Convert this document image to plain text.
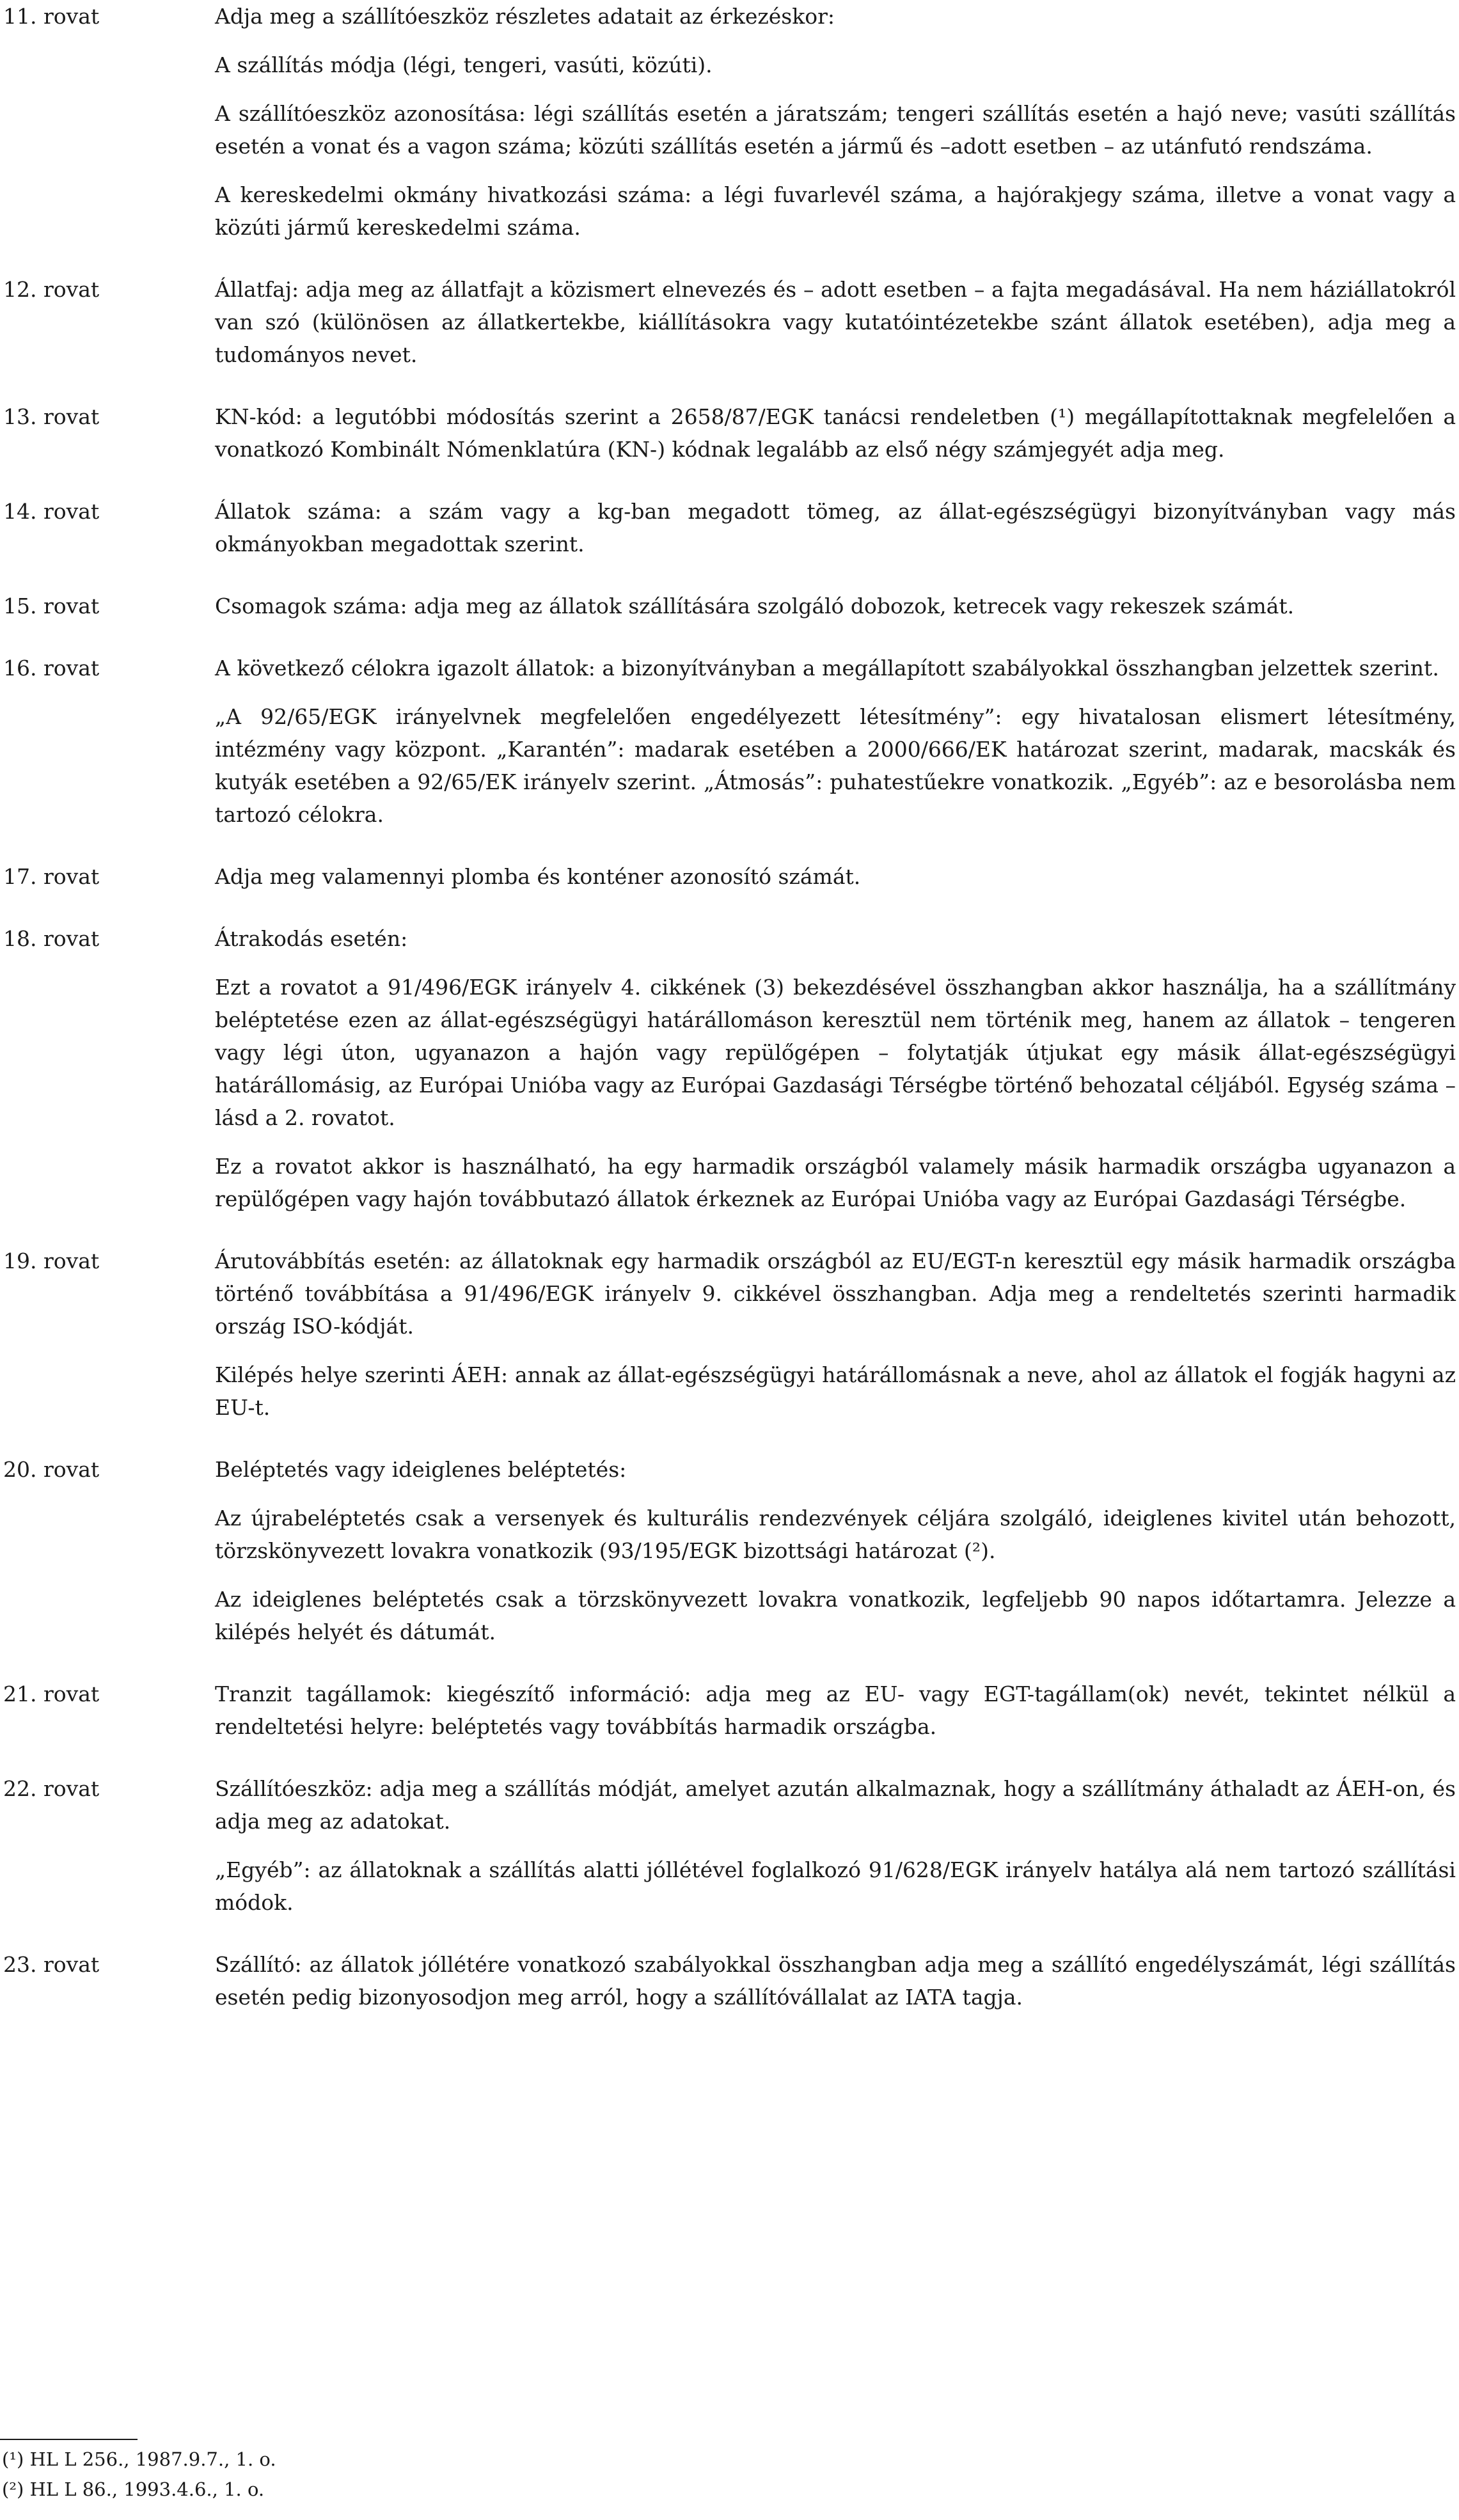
11. rovat	Adja meg a szállítóeszköz részletes adatait az érkezéskor:

A szállítás módja (légi, tengeri, vasúti, közúti).

A szállítóeszköz azonosítása: légi szállítás esetén a járatszám; tengeri szállítás esetén a hajó neve; vasúti szállítás esetén a vonat és a vagon száma; közúti szállítás esetén a jármű és –adott esetben – az utánfutó rendszáma.

A kereskedelmi okmány hivatkozási száma: a légi fuvarlevél száma, a hajórakjegy száma, illetve a vonat vagy a közúti jármű kereskedelmi száma.

12. rovat	Állatfaj: adja meg az állatfajt a közismert elnevezés és – adott esetben – a fajta megadásával. Ha nem háziállatokról van szó (különösen az állatkertekbe, kiállításokra vagy kutatóintézetekbe szánt állatok esetében), adja meg a tudományos nevet.

13. rovat	KN-kód: a legutóbbi módosítás szerint a 2658/87/EGK tanácsi rendeletben (¹) megállapítottaknak megfelelően a vonatkozó Kombinált Nómenklatúra (KN-) kódnak legalább az első négy számjegyét adja meg.

14. rovat	Állatok száma: a szám vagy a kg-ban megadott tömeg, az állat-egészségügyi bizonyítványban vagy más okmányokban megadottak szerint.

15. rovat	Csomagok száma: adja meg az állatok szállítására szolgáló dobozok, ketrecek vagy rekeszek számát.

16. rovat	A következő célokra igazolt állatok: a bizonyítványban a megállapított szabályokkal összhangban jelzettek szerint.

„A 92/65/EGK irányelvnek megfelelően engedélyezett létesítmény”: egy hivatalosan elismert létesítmény, intézmény vagy központ. „Karantén”: madarak esetében a 2000/666/EK határozat szerint, madarak, macskák és kutyák esetében a 92/65/EK irányelv szerint. „Átmosás”: puhatestűekre vonatkozik. „Egyéb”: az e besorolásba nem tartozó célokra.

17. rovat	Adja meg valamennyi plomba és konténer azonosító számát.

18. rovat	Átrakodás esetén:

Ezt a rovatot a 91/496/EGK irányelv 4. cikkének (3) bekezdésével összhangban akkor használja, ha a szállítmány beléptetése ezen az állat-egészségügyi határállomáson keresztül nem történik meg, hanem az állatok – tengeren vagy légi úton, ugyanazon a hajón vagy repülőgépen – folytatják útjukat egy másik állat-egészségügyi határállomásig, az Európai Unióba vagy az Európai Gazdasági Térségbe történő behozatal céljából. Egység száma – lásd a 2. rovatot.

Ez a rovatot akkor is használható, ha egy harmadik országból valamely másik harmadik országba ugyanazon a repülőgépen vagy hajón továbbutazó állatok érkeznek az Európai Unióba vagy az Európai Gazdasági Térségbe.

19. rovat	Árutovábbítás esetén: az állatoknak egy harmadik országból az EU/EGT-n keresztül egy másik harmadik országba történő továbbítása a 91/496/EGK irányelv 9. cikkével összhangban. Adja meg a rendeltetés szerinti harmadik ország ISO-kódját.

Kilépés helye szerinti ÁEH: annak az állat-egészségügyi határállomásnak a neve, ahol az állatok el fogják hagyni az EU-t.

20. rovat	Beléptetés vagy ideiglenes beléptetés:

Az újrabeléptetés csak a versenyek és kulturális rendezvények céljára szolgáló, ideiglenes kivitel után behozott, törzskönyvezett lovakra vonatkozik (93/195/EGK bizottsági határozat (²).

Az ideiglenes beléptetés csak a törzskönyvezett lovakra vonatkozik, legfeljebb 90 napos időtartamra. Jelezze a kilépés helyét és dátumát.

21. rovat	Tranzit tagállamok: kiegészítő információ: adja meg az EU- vagy EGT-tagállam(ok) nevét, tekintet nélkül a rendeltetési helyre: beléptetés vagy továbbítás harmadik országba.

22. rovat	Szállítóeszköz: adja meg a szállítás módját, amelyet azután alkalmaznak, hogy a szállítmány áthaladt az ÁEH-on, és adja meg az adatokat.

„Egyéb”: az állatoknak a szállítás alatti jóllétével foglalkozó 91/628/EGK irányelv hatálya alá nem tartozó szállítási módok.

23. rovat	Szállító: az állatok jóllétére vonatkozó szabályokkal összhangban adja meg a szállító engedélyszámát, légi szállítás esetén pedig bizonyosodjon meg arról, hogy a szállítóvállalat az IATA tagja.

(¹) HL L 256., 1987.9.7., 1. o.
(²) HL L 86., 1993.4.6., 1. o.
